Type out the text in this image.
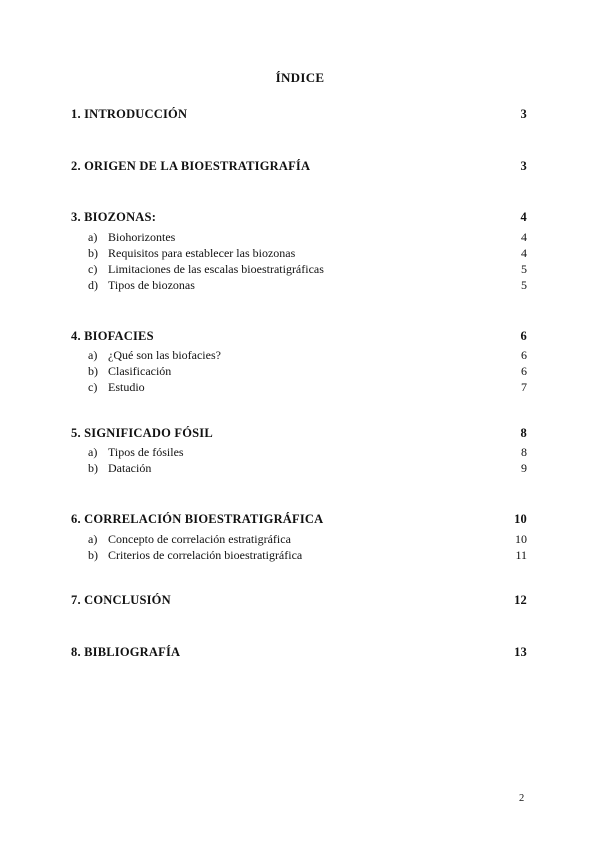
ÍNDICE
1. INTRODUCCIÓN	3
2. ORIGEN DE LA BIOESTRATIGRAFÍA	3
3. BIOZONAS:	4
a) Biohorizontes	4
b) Requisitos para establecer las biozonas	4
c) Limitaciones de las escalas bioestratigráficas	5
d) Tipos de biozonas	5
4. BIOFACIES	6
a) ¿Qué son las biofacies?	6
b) Clasificación	6
c) Estudio	7
5. SIGNIFICADO FÓSIL	8
a) Tipos de fósiles	8
b) Datación	9
6. CORRELACIÓN BIOESTRATIGRÁFICA	10
a) Concepto de correlación estratigráfica	10
b) Criterios de correlación bioestratigráfica	11
7. CONCLUSIÓN	12
8. BIBLIOGRAFÍA	13
2
